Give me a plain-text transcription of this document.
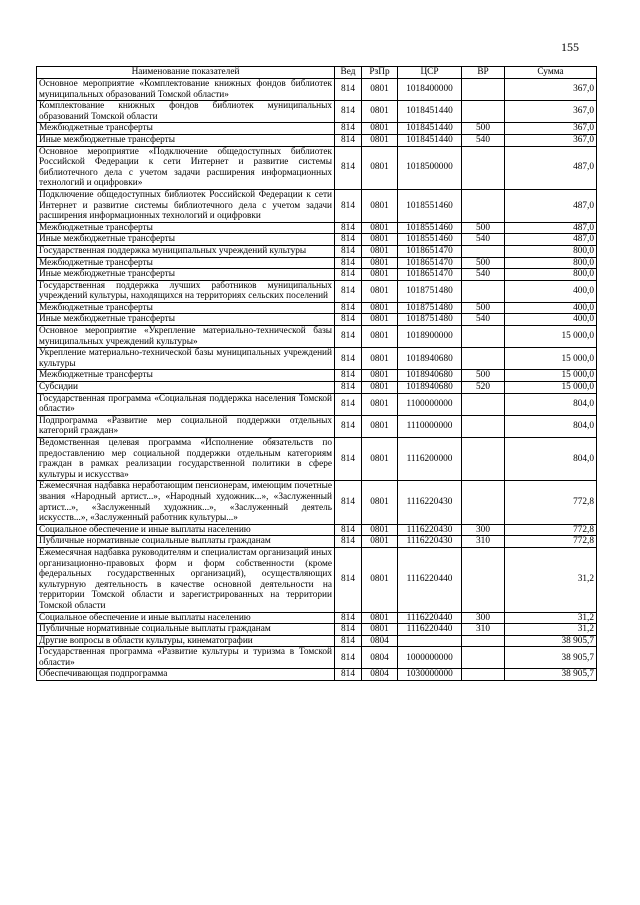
155
Наименование показателей	Вед	РзПр	ЦСР	ВР	Сумма
Основное мероприятие «Комплектование книжных фондов библиотек муниципальных образований Томской области»	814	0801	1018400000		367,0
Комплектование книжных фондов библиотек муниципальных образований Томской области	814	0801	1018451440		367,0
Межбюджетные трансферты	814	0801	1018451440	500	367,0
Иные межбюджетные трансферты	814	0801	1018451440	540	367,0
Основное мероприятие «Подключение общедоступных библиотек Российской Федерации к сети Интернет и развитие системы библиотечного дела с учетом задачи расширения информационных технологий и оцифровки»	814	0801	1018500000		487,0
Подключение общедоступных библиотек Российской Федерации к сети Интернет и развитие системы библиотечного дела с учетом задачи расширения информационных технологий и оцифровки	814	0801	1018551460		487,0
Межбюджетные трансферты	814	0801	1018551460	500	487,0
Иные межбюджетные трансферты	814	0801	1018551460	540	487,0
Государственная поддержка муниципальных учреждений культуры	814	0801	1018651470		800,0
Межбюджетные трансферты	814	0801	1018651470	500	800,0
Иные межбюджетные трансферты	814	0801	1018651470	540	800,0
Государственная поддержка лучших работников муниципальных учреждений культуры, находящихся на территориях сельских поселений	814	0801	1018751480		400,0
Межбюджетные трансферты	814	0801	1018751480	500	400,0
Иные межбюджетные трансферты	814	0801	1018751480	540	400,0
Основное мероприятие «Укрепление материально-технической базы муниципальных учреждений культуры»	814	0801	1018900000		15 000,0
Укрепление материально-технической базы муниципальных учреждений культуры	814	0801	1018940680		15 000,0
Межбюджетные трансферты	814	0801	1018940680	500	15 000,0
Субсидии	814	0801	1018940680	520	15 000,0
Государственная программа «Социальная поддержка населения Томской области»	814	0801	1100000000		804,0
Подпрограмма «Развитие мер социальной поддержки отдельных категорий граждан»	814	0801	1110000000		804,0
Ведомственная целевая программа «Исполнение обязательств по предоставлению мер социальной поддержки отдельным категориям граждан в рамках реализации государственной политики в сфере культуры и искусства»	814	0801	1116200000		804,0
Ежемесячная надбавка неработающим пенсионерам, имеющим почетные звания «Народный артист...», «Народный художник...», «Заслуженный артист...», «Заслуженный художник...», «Заслуженный деятель искусств...», «Заслуженный работник культуры...»	814	0801	1116220430		772,8
Социальное обеспечение и иные выплаты населению	814	0801	1116220430	300	772,8
Публичные нормативные социальные выплаты гражданам	814	0801	1116220430	310	772,8
Ежемесячная надбавка руководителям и специалистам организаций иных организационно-правовых форм и форм собственности (кроме федеральных государственных организаций), осуществляющих культурную деятельность в качестве основной деятельности на территории Томской области и зарегистрированных на территории Томской области	814	0801	1116220440		31,2
Социальное обеспечение и иные выплаты населению	814	0801	1116220440	300	31,2
Публичные нормативные социальные выплаты гражданам	814	0801	1116220440	310	31,2
Другие вопросы в области культуры, кинематографии	814	0804			38 905,7
Государственная программа «Развитие культуры и туризма в Томской области»	814	0804	1000000000		38 905,7
Обеспечивающая подпрограмма	814	0804	1030000000		38 905,7
